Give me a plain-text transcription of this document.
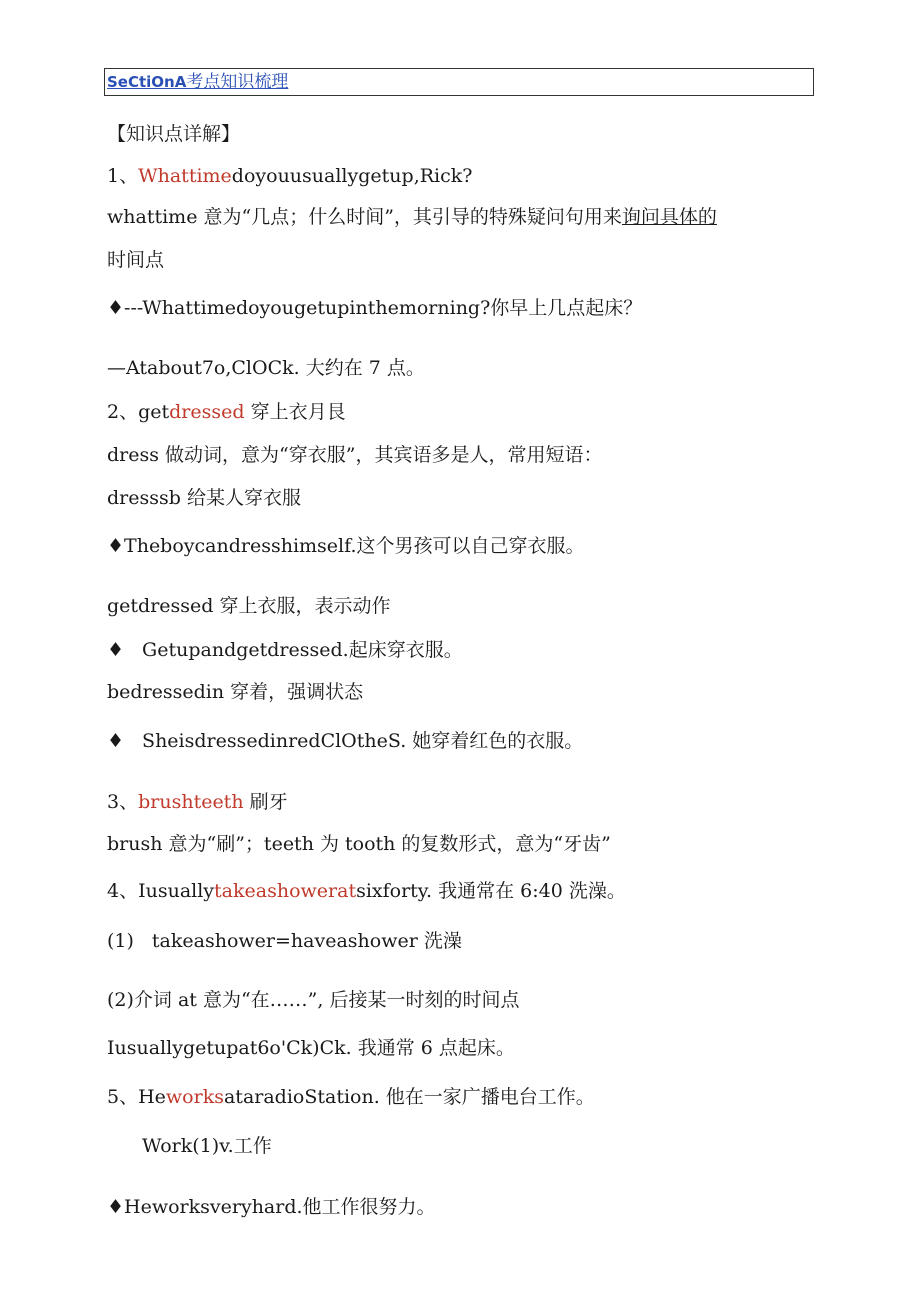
SeCtiOnA考点知识梳理
【知识点详解】
1、Whattimedoyouusuallygetup,Rick?
whattime 意为“几点；什么时间”，其引导的特殊疑问句用来询问具体的
时间点
♦---Whattimedoyougetupinthemorning?你早上几点起床？
—Atabout7o,ClOCk. 大约在 7 点。
2、getdressed 穿上衣月艮
dress 做动词，意为“穿衣服”，其宾语多是人，常用短语：
dresssb 给某人穿衣服
♦Theboycandresshimself.这个男孩可以自己穿衣服。
getdressed 穿上衣服，表示动作
♦ Getupandgetdressed.起床穿衣服。
bedressedin 穿着，强调状态
♦ SheisdressedinredClOtheS. 她穿着红色的衣服。
3、brushteeth 刷牙
brush 意为“刷”；teeth 为 tooth 的复数形式，意为“牙齿”
4、Iusuallytakeashoweratsixforty. 我通常在 6:40 洗澡。
(1) takeashower=haveashower 洗澡
(2)介词 at 意为“在……”, 后接某一时刻的时间点
Iusuallygetupat6o'Ck)Ck. 我通常 6 点起床。
5、HeworksataradioStation. 他在一家广播电台工作。
Work(1)v.工作
♦Heworksveryhard.他工作很努力。
